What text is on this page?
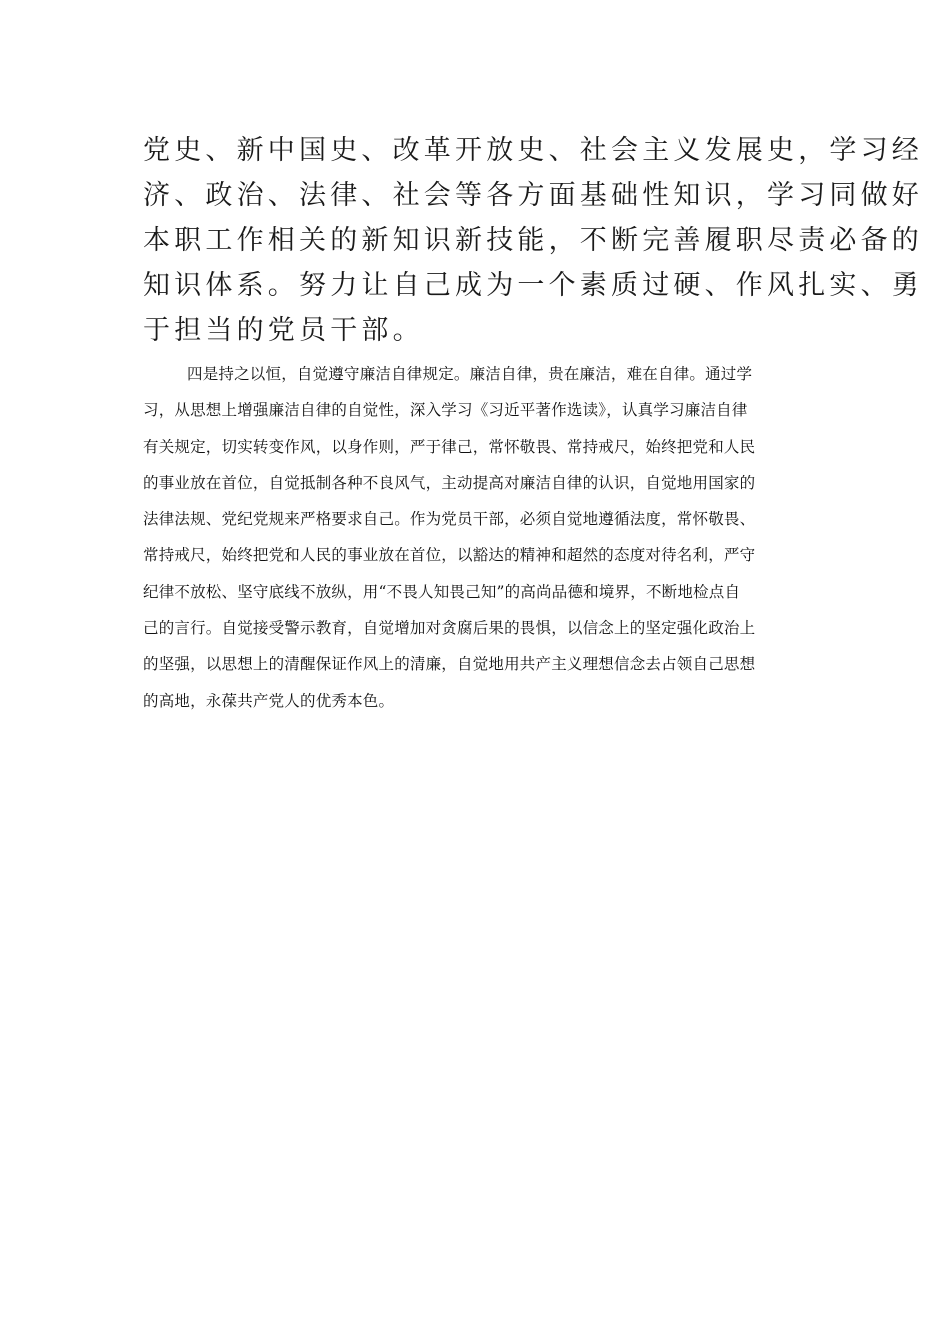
党史、新中国史、改革开放史、社会主义发展史，学习经
济、政治、法律、社会等各方面基础性知识，学习同做好
本职工作相关的新知识新技能，不断完善履职尽责必备的
知识体系。努力让自己成为一个素质过硬、作风扎实、勇
于担当的党员干部。
四是持之以恒，自觉遵守廉洁自律规定。廉洁自律，贵在廉洁，难在自律。通过学
习，从思想上增强廉洁自律的自觉性，深入学习《习近平著作选读》，认真学习廉洁自律
有关规定，切实转变作风，以身作则，严于律己，常怀敬畏、常持戒尺，始终把党和人民
的事业放在首位，自觉抵制各种不良风气，主动提高对廉洁自律的认识，自觉地用国家的
法律法规、党纪党规来严格要求自己。作为党员干部，必须自觉地遵循法度，常怀敬畏、
常持戒尺，始终把党和人民的事业放在首位，以豁达的精神和超然的态度对待名利，严守
纪律不放松、坚守底线不放纵，用“不畏人知畏己知”的高尚品德和境界，不断地检点自
己的言行。自觉接受警示教育，自觉增加对贪腐后果的畏惧，以信念上的坚定强化政治上
的坚强，以思想上的清醒保证作风上的清廉，自觉地用共产主义理想信念去占领自己思想
的高地，永葆共产党人的优秀本色。
